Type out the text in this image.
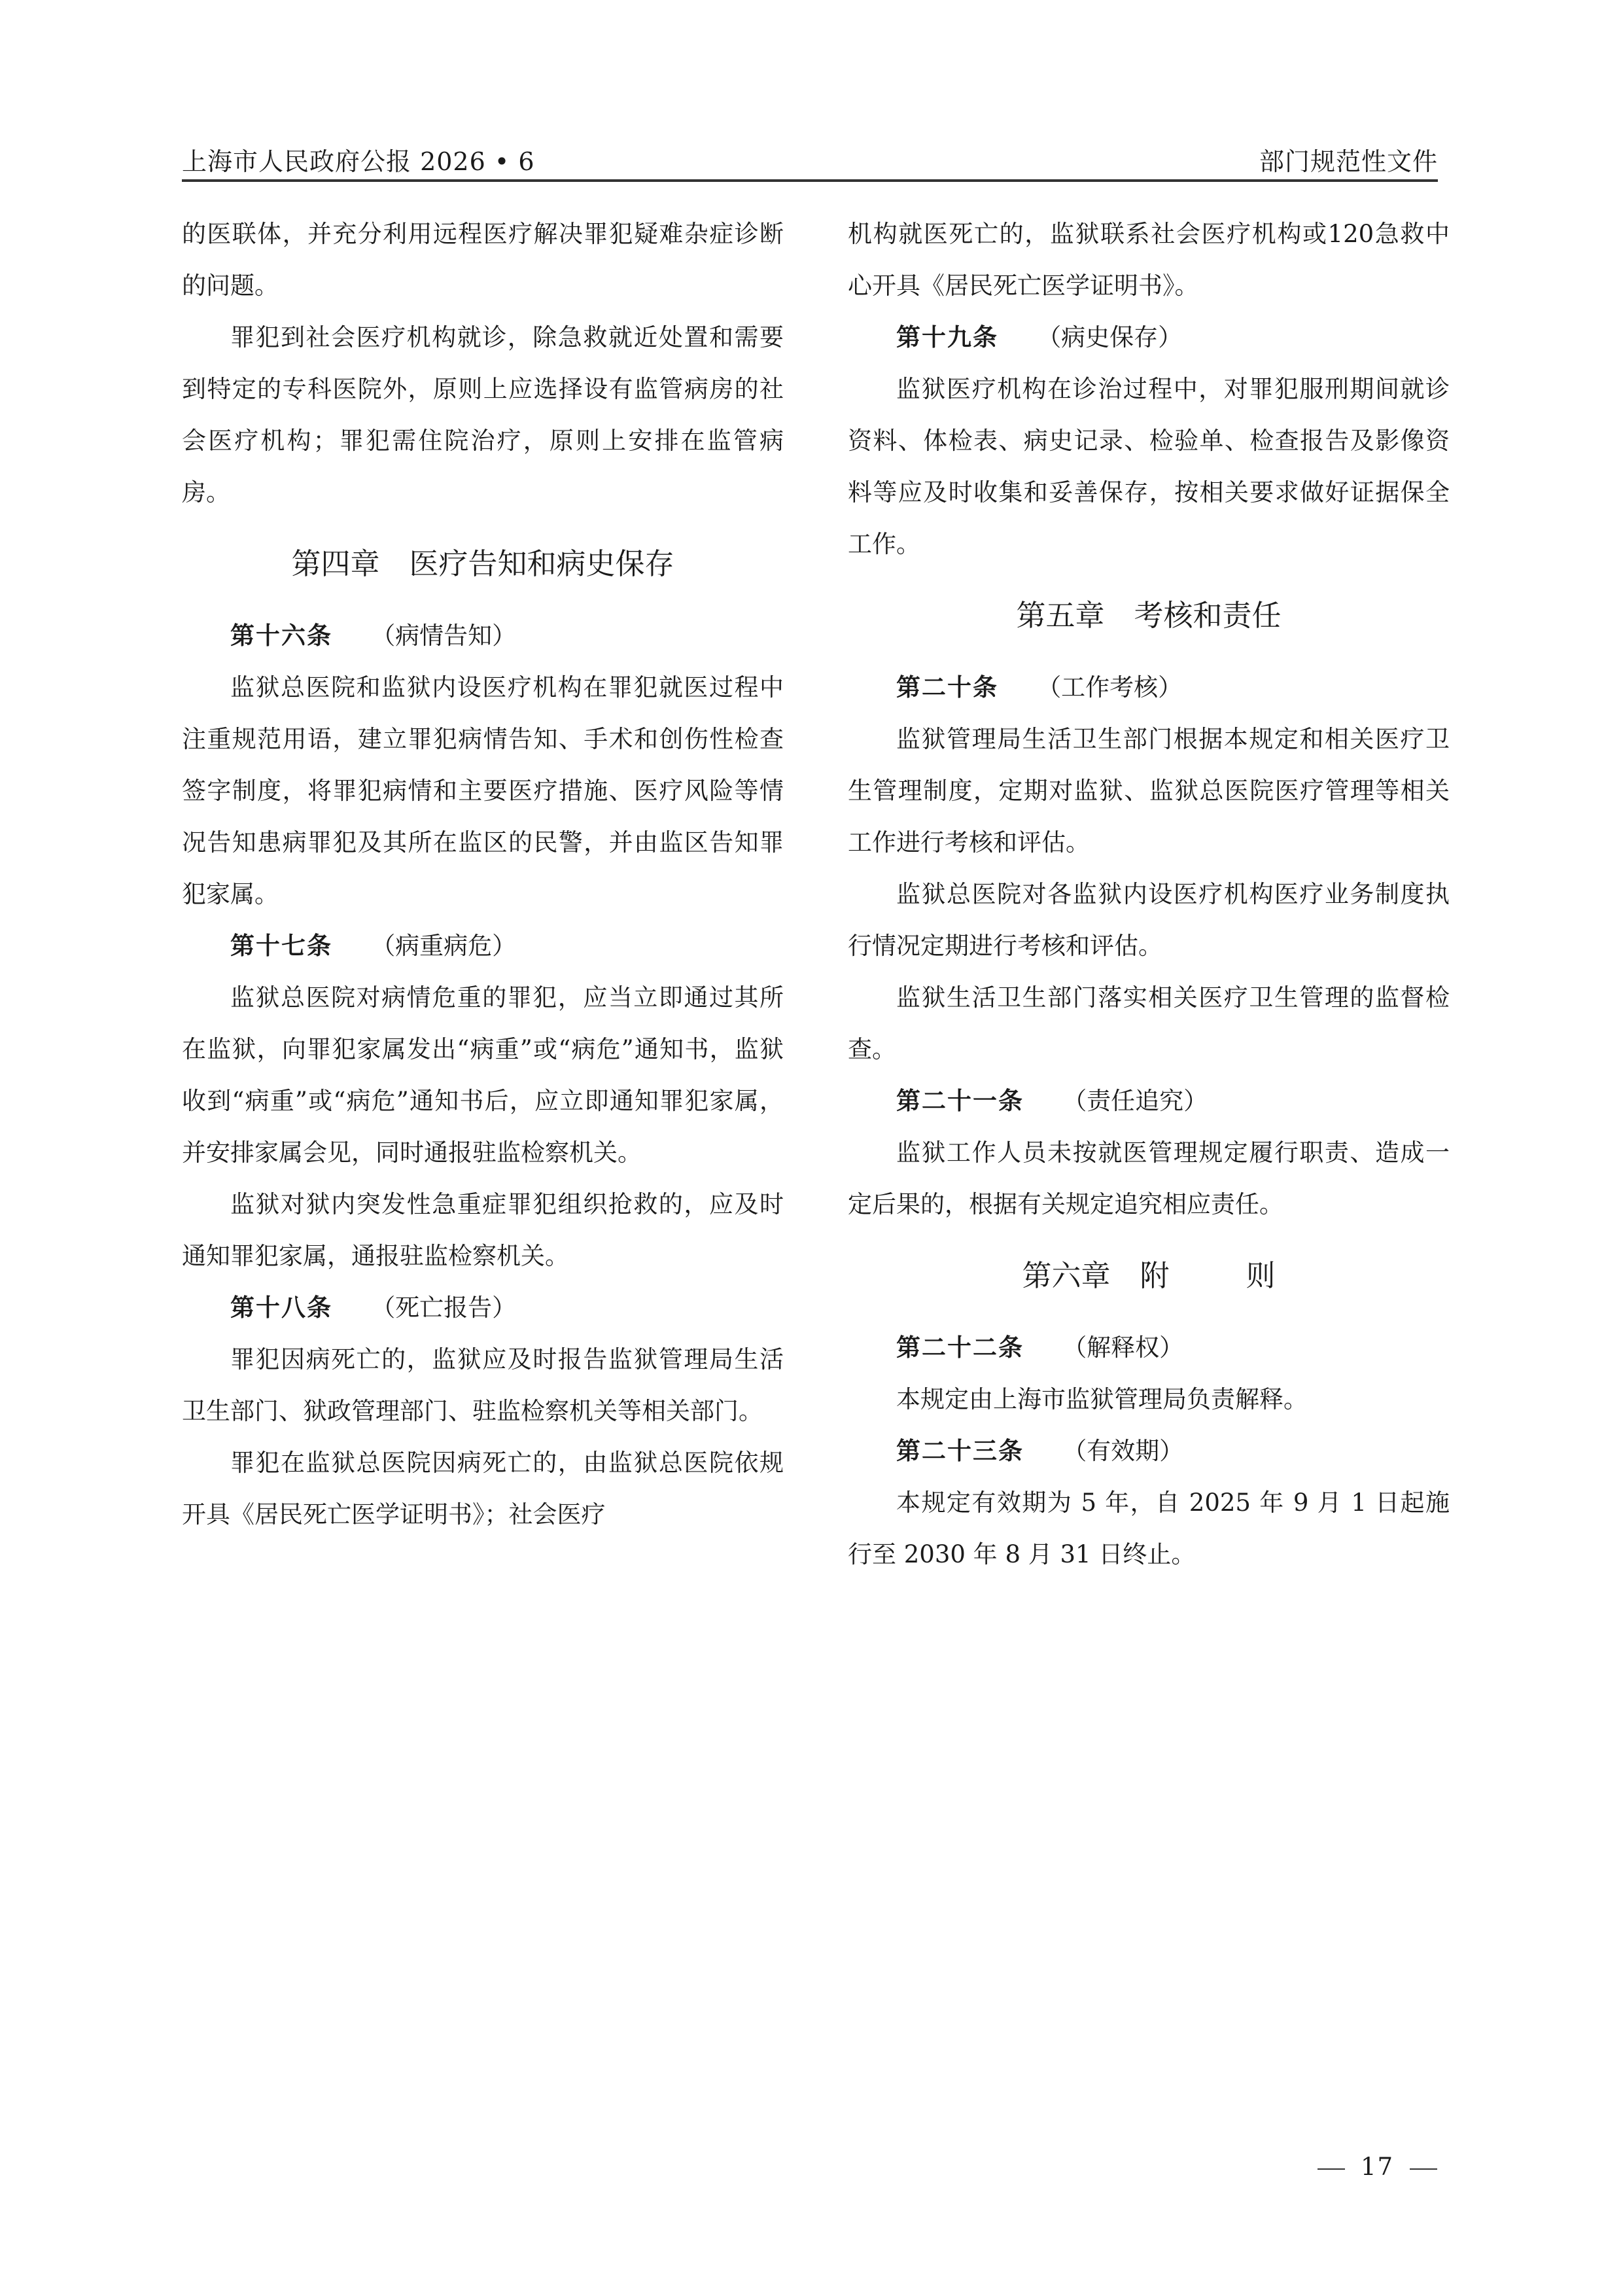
上海市人民政府公报 2026 • 6	部门规范性文件

的医联体，并充分利用远程医疗解决罪犯疑难杂症诊断的问题。

罪犯到社会医疗机构就诊，除急救就近处置和需要到特定的专科医院外，原则上应选择设有监管病房的社会医疗机构；罪犯需住院治疗，原则上安排在监管病房。

第四章 医疗告知和病史保存

第十六条 （病情告知）

监狱总医院和监狱内设医疗机构在罪犯就医过程中注重规范用语，建立罪犯病情告知、手术和创伤性检查签字制度，将罪犯病情和主要医疗措施、医疗风险等情况告知患病罪犯及其所在监区的民警，并由监区告知罪犯家属。

第十七条 （病重病危）

监狱总医院对病情危重的罪犯，应当立即通过其所在监狱，向罪犯家属发出“病重”或“病危”通知书，监狱收到“病重”或“病危”通知书后，应立即通知罪犯家属，并安排家属会见，同时通报驻监检察机关。

监狱对狱内突发性急重症罪犯组织抢救的，应及时通知罪犯家属，通报驻监检察机关。

第十八条 （死亡报告）

罪犯因病死亡的，监狱应及时报告监狱管理局生活卫生部门、狱政管理部门、驻监检察机关等相关部门。

罪犯在监狱总医院因病死亡的，由监狱总医院依规开具《居民死亡医学证明书》；社会医疗

机构就医死亡的，监狱联系社会医疗机构或120急救中心开具《居民死亡医学证明书》。

第十九条 （病史保存）

监狱医疗机构在诊治过程中，对罪犯服刑期间就诊资料、体检表、病史记录、检验单、检查报告及影像资料等应及时收集和妥善保存，按相关要求做好证据保全工作。

第五章 考核和责任

第二十条 （工作考核）

监狱管理局生活卫生部门根据本规定和相关医疗卫生管理制度，定期对监狱、监狱总医院医疗管理等相关工作进行考核和评估。

监狱总医院对各监狱内设医疗机构医疗业务制度执行情况定期进行考核和评估。

监狱生活卫生部门落实相关医疗卫生管理的监督检查。

第二十一条 （责任追究）

监狱工作人员未按就医管理规定履行职责、造成一定后果的，根据有关规定追究相应责任。

第六章 附	则

第二十二条 （解释权）

本规定由上海市监狱管理局负责解释。

第二十三条 （有效期）

本规定有效期为 5 年，自 2025 年 9 月 1 日起施行至 2030 年 8 月 31 日终止。

17
